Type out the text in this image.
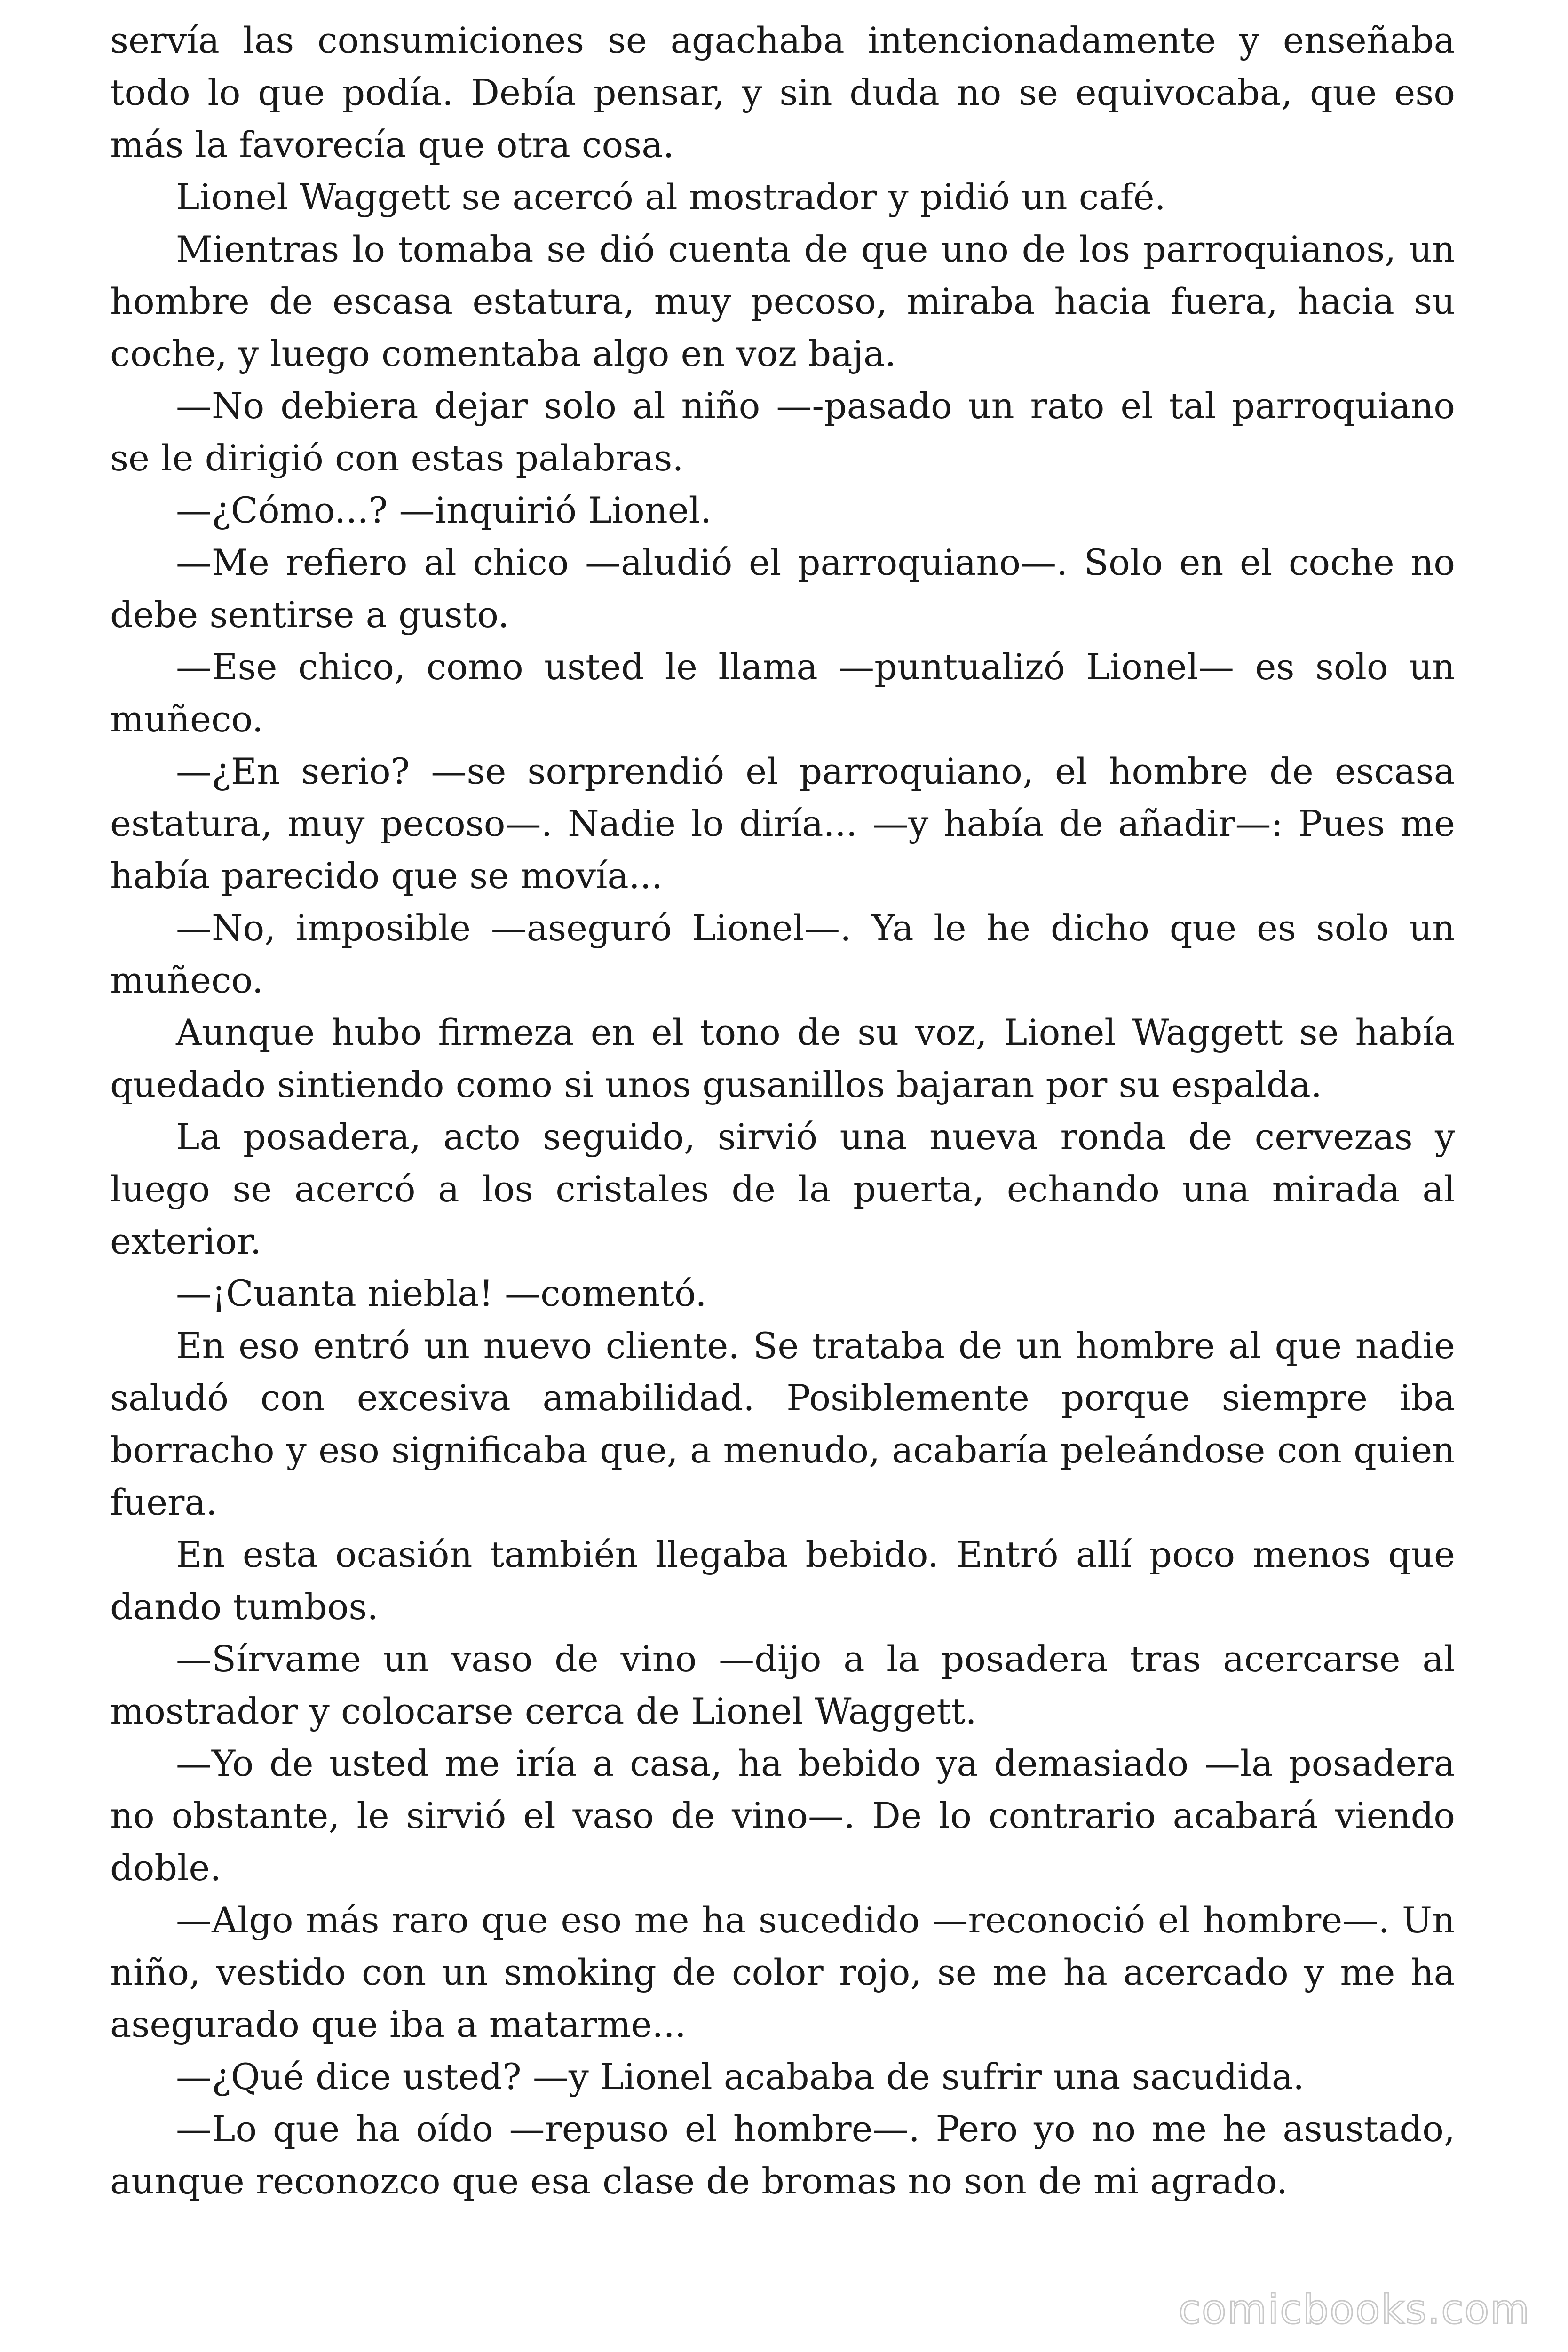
servía las consumiciones se agachaba intencionadamente y enseñaba todo lo que podía. Debía pensar, y sin duda no se equivocaba, que eso más la favorecía que otra cosa.

Lionel Waggett se acercó al mostrador y pidió un café.

Mientras lo tomaba se dió cuenta de que uno de los parroquianos, un hombre de escasa estatura, muy pecoso, miraba hacia fuera, hacia su coche, y luego comentaba algo en voz baja.

—No debiera dejar solo al niño —-pasado un rato el tal parroquiano se le dirigió con estas palabras.

—¿Cómo...? —inquirió Lionel.

—Me refiero al chico —aludió el parroquiano—. Solo en el coche no debe sentirse a gusto.

—Ese chico, como usted le llama —puntualizó Lionel— es solo un muñeco.

—¿En serio? —se sorprendió el parroquiano, el hombre de escasa estatura, muy pecoso—. Nadie lo diría... —y había de añadir—: Pues me había parecido que se movía...

—No, imposible —aseguró Lionel—. Ya le he dicho que es solo un muñeco.

Aunque hubo firmeza en el tono de su voz, Lionel Waggett se había quedado sintiendo como si unos gusanillos bajaran por su espalda.

La posadera, acto seguido, sirvió una nueva ronda de cervezas y luego se acercó a los cristales de la puerta, echando una mirada al exterior.

—¡Cuanta niebla! —comentó.

En eso entró un nuevo cliente. Se trataba de un hombre al que nadie saludó con excesiva amabilidad. Posiblemente porque siempre iba borracho y eso significaba que, a menudo, acabaría peleándose con quien fuera.

En esta ocasión también llegaba bebido. Entró allí poco menos que dando tumbos.

—Sírvame un vaso de vino —dijo a la posadera tras acercarse al mostrador y colocarse cerca de Lionel Waggett.

—Yo de usted me iría a casa, ha bebido ya demasiado —la posadera no obstante, le sirvió el vaso de vino—. De lo contrario acabará viendo doble.

—Algo más raro que eso me ha sucedido —reconoció el hombre—. Un niño, vestido con un smoking de color rojo, se me ha acercado y me ha asegurado que iba a matarme...

—¿Qué dice usted? —y Lionel acababa de sufrir una sacudida.

—Lo que ha oído —repuso el hombre—. Pero yo no me he asustado, aunque reconozco que esa clase de bromas no son de mi agrado.

comicbooks.com
